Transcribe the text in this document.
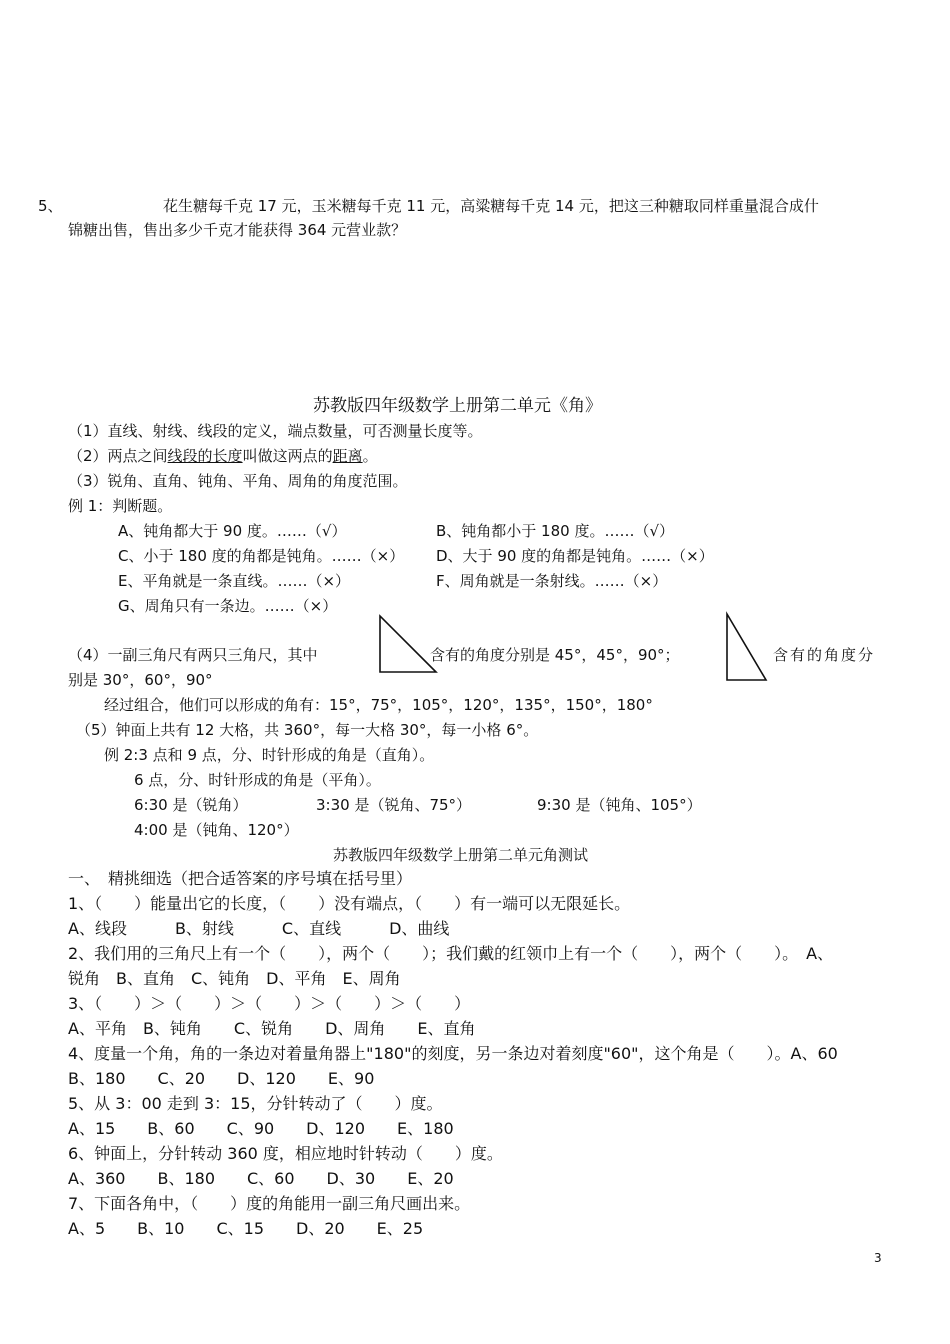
5、	花生糖每千克 17 元，玉米糖每千克 11 元，高粱糖每千克 14 元，把这三种糖取同样重量混合成什
锦糖出售，售出多少千克才能获得 364 元营业款？
苏教版四年级数学上册第二单元《角》
（1）直线、射线、线段的定义，端点数量，可否测量长度等。
（2）两点之间线段的长度叫做这两点的距离。
（3）锐角、直角、钝角、平角、周角的角度范围。
例 1：判断题。
A、钝角都大于 90 度。……（√）	B、钝角都小于 180 度。……（√）
C、小于 180 度的角都是钝角。……（×） D、大于 90 度的角都是钝角。……（×）
E、平角就是一条直线。……（×）	F、周角就是一条射线。……（×）
G、周角只有一条边。……（×）
（4）一副三角尺有两只三角尺，其中	含有的角度分别是 45°，45°，90°；	含有的角度分
别是 30°，60°，90°
经过组合，他们可以形成的角有：15°，75°，105°，120°，135°，150°，180°
（5）钟面上共有 12 大格，共 360°，每一大格 30°，每一小格 6°。
例 2:3 点和 9 点，分、时针形成的角是（直角）。
6 点，分、时针形成的角是（平角）。
6:30 是（锐角）	3:30 是（锐角、75°）	9:30 是（钝角、105°）
4:00 是（钝角、120°）
苏教版四年级数学上册第二单元角测试
一、　精挑细选（把合适答案的序号填在括号里）
1、（　　）能量出它的长度，（　　）没有端点，（　　）有一端可以无限延长。
A、线段　　　B、射线　　　C、直线　　　D、曲线
2、我们用的三角尺上有一个（　　），两个（　　）；我们戴的红领巾上有一个（　　），两个（　　）。　A、
锐角　B、直角　C、钝角　D、平角　E、周角
3、（　　）＞（　　）＞（　　）＞（　　）＞（　　）
A、平角　B、钝角　　C、锐角　　D、周角　　E、直角
4、度量一个角，角的一条边对着量角器上"180"的刻度，另一条边对着刻度"60"，这个角是（　　）。A、60
B、180　　C、20　　D、120　　E、90
5、从 3：00 走到 3：15，分针转动了（　　）度。
A、15　　B、60　　C、90　　D、120　　E、180
6、钟面上，分针转动 360 度，相应地时针转动（　　）度。
A、360　　B、180　　C、60　　D、30　　E、20
7、下面各角中，（　　）度的角能用一副三角尺画出来。
A、5　　B、10　　C、15　　D、20　　E、25
3
